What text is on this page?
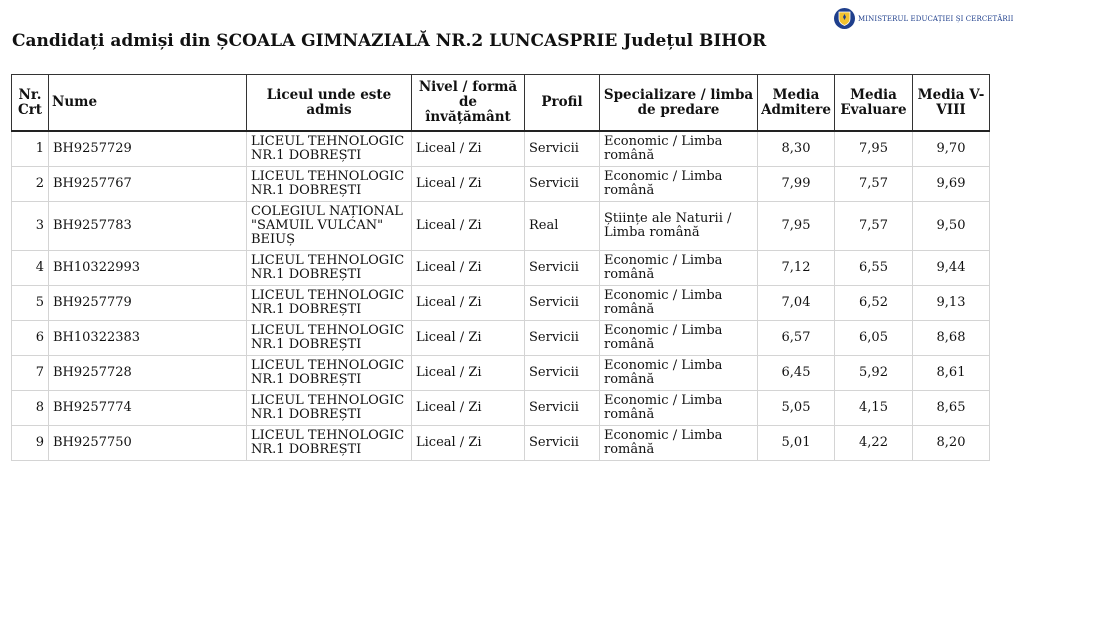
MINISTERUL EDUCAȚIEI ȘI CERCETĂRII
Candidați admiși din ȘCOALA GIMNAZIALĂ NR.2 LUNCASPRIE Județul BIHOR
Nr. Crt	Nume	Liceul unde este admis	Nivel / formă de învățământ	Profil	Specializare / limba de predare	Media Admitere	Media Evaluare	Media V-VIII
1	BH9257729	LICEUL TEHNOLOGIC NR.1 DOBREȘTI	Liceal / Zi	Servicii	Economic / Limba română	8,30	7,95	9,70
2	BH9257767	LICEUL TEHNOLOGIC NR.1 DOBREȘTI	Liceal / Zi	Servicii	Economic / Limba română	7,99	7,57	9,69
3	BH9257783	COLEGIUL NAȚIONAL "SAMUIL VULCAN" BEIUȘ	Liceal / Zi	Real	Științe ale Naturii / Limba română	7,95	7,57	9,50
4	BH10322993	LICEUL TEHNOLOGIC NR.1 DOBREȘTI	Liceal / Zi	Servicii	Economic / Limba română	7,12	6,55	9,44
5	BH9257779	LICEUL TEHNOLOGIC NR.1 DOBREȘTI	Liceal / Zi	Servicii	Economic / Limba română	7,04	6,52	9,13
6	BH10322383	LICEUL TEHNOLOGIC NR.1 DOBREȘTI	Liceal / Zi	Servicii	Economic / Limba română	6,57	6,05	8,68
7	BH9257728	LICEUL TEHNOLOGIC NR.1 DOBREȘTI	Liceal / Zi	Servicii	Economic / Limba română	6,45	5,92	8,61
8	BH9257774	LICEUL TEHNOLOGIC NR.1 DOBREȘTI	Liceal / Zi	Servicii	Economic / Limba română	5,05	4,15	8,65
9	BH9257750	LICEUL TEHNOLOGIC NR.1 DOBREȘTI	Liceal / Zi	Servicii	Economic / Limba română	5,01	4,22	8,20
